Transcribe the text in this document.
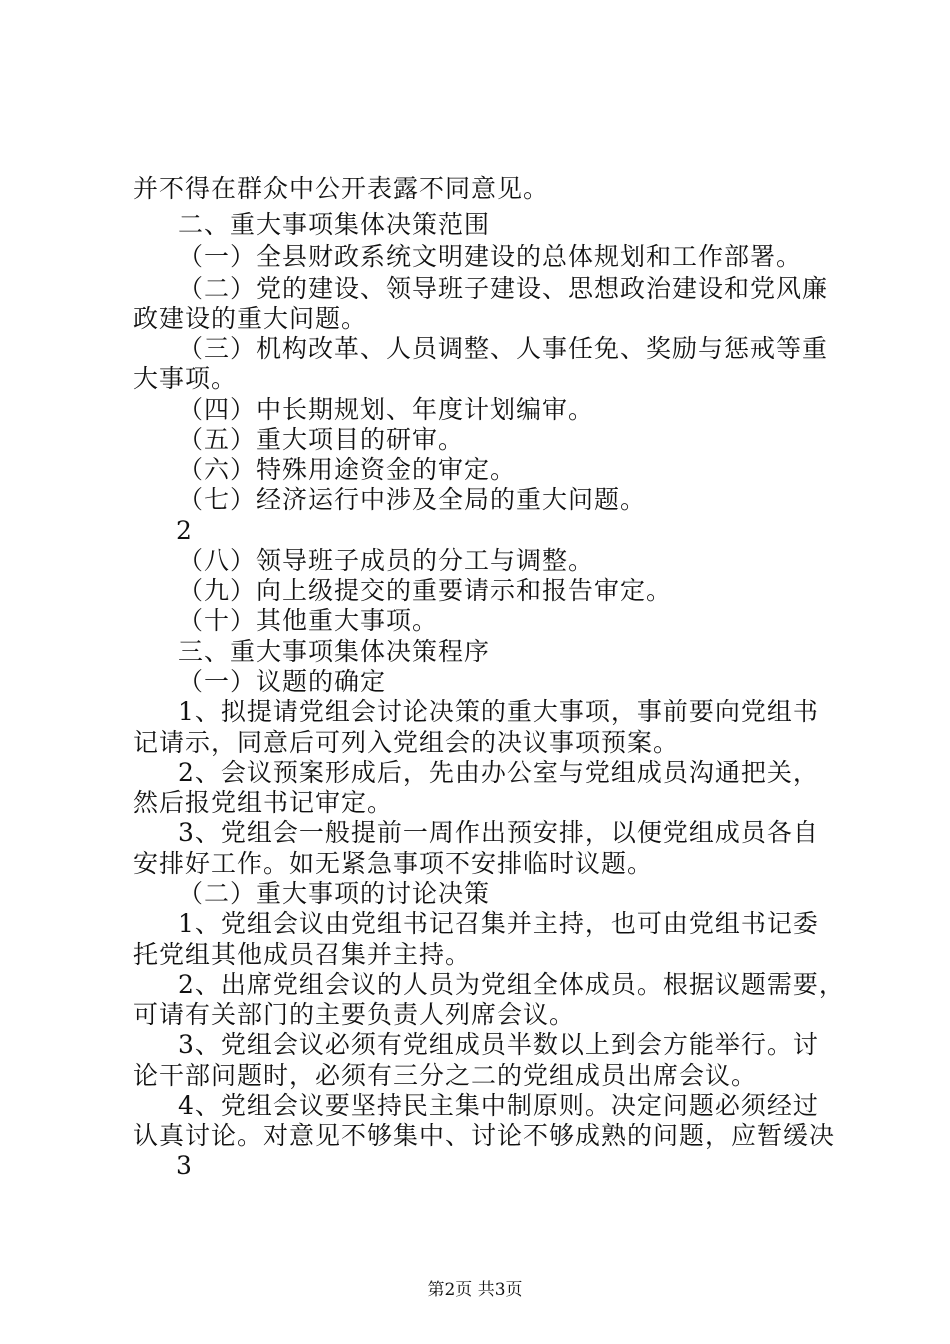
并不得在群众中公开表露不同意见。
二、重大事项集体决策范围
（一）全县财政系统文明建设的总体规划和工作部署。
（二）党的建设、领导班子建设、思想政治建设和党风廉
政建设的重大问题。
（三）机构改革、人员调整、人事任免、奖励与惩戒等重
大事项。
（四）中长期规划、年度计划编审。
（五）重大项目的研审。
（六）特殊用途资金的审定。
（七）经济运行中涉及全局的重大问题。
2
（八）领导班子成员的分工与调整。
（九）向上级提交的重要请示和报告审定。
（十）其他重大事项。
三、重大事项集体决策程序
（一）议题的确定
1、拟提请党组会讨论决策的重大事项，事前要向党组书
记请示，同意后可列入党组会的决议事项预案。
2、会议预案形成后，先由办公室与党组成员沟通把关，
然后报党组书记审定。
3、党组会一般提前一周作出预安排，以便党组成员各自
安排好工作。如无紧急事项不安排临时议题。
（二）重大事项的讨论决策
1、党组会议由党组书记召集并主持，也可由党组书记委
托党组其他成员召集并主持。
2、出席党组会议的人员为党组全体成员。根据议题需要，
可请有关部门的主要负责人列席会议。
3、党组会议必须有党组成员半数以上到会方能举行。讨
论干部问题时，必须有三分之二的党组成员出席会议。
4、党组会议要坚持民主集中制原则。决定问题必须经过
认真讨论。对意见不够集中、讨论不够成熟的问题，应暂缓决
3
第2页 共3页
